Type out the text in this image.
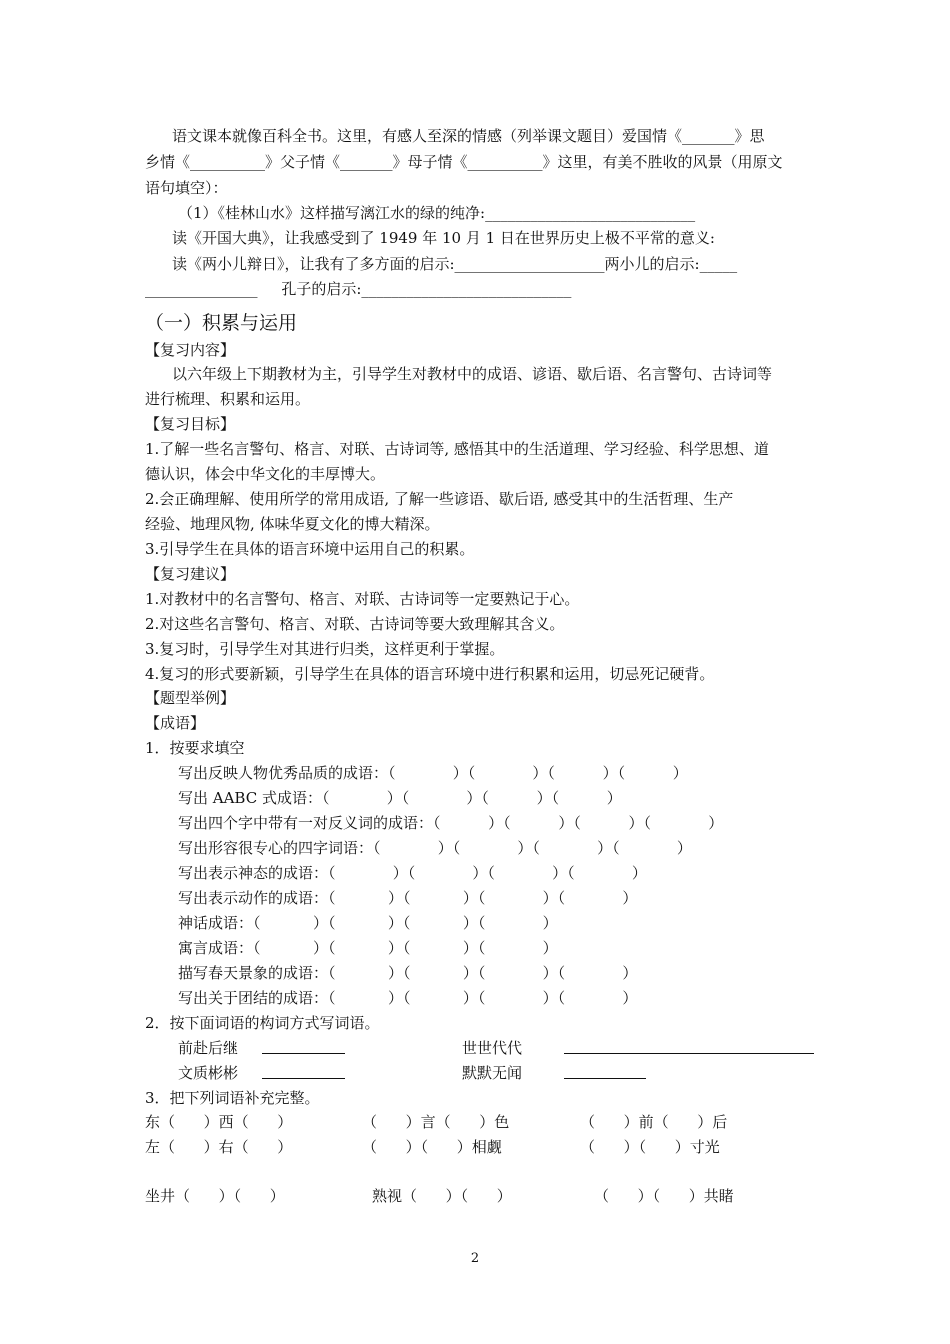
语文课本就像百科全书。这里，有感人至深的情感（列举课文题目）爱国情《_______》思
乡情《__________》父子情《_______》母子情《__________》这里，有美不胜收的风景（用原文
语句填空）：
（1）《桂林山水》这样描写漓江水的绿的纯净:____________________________
读《开国大典》，让我感受到了 1949 年 10 月 1 日在世界历史上极不平常的意义:
读《两小儿辩日》，让我有了多方面的启示:____________________两小儿的启示:_____
_______________     孔子的启示:____________________________
（一）积累与运用
【复习内容】
以六年级上下期教材为主，引导学生对教材中的成语、谚语、歇后语、名言警句、古诗词等
进行梳理、积累和运用。
【复习目标】
1.了解一些名言警句、格言、对联、古诗词等, 感悟其中的生活道理、学习经验、科学思想、道
德认识，体会中华文化的丰厚博大。
2.会正确理解、使用所学的常用成语, 了解一些谚语、歇后语, 感受其中的生活哲理、生产
经验、地理风物, 体味华夏文化的博大精深。
3.引导学生在具体的语言环境中运用自己的积累。
【复习建议】
1.对教材中的名言警句、格言、对联、古诗词等一定要熟记于心。
2.对这些名言警句、格言、对联、古诗词等要大致理解其含义。
3.复习时，引导学生对其进行归类，这样更利于掌握。
4.复习的形式要新颖，引导学生在具体的语言环境中进行积累和运用，切忌死记硬背。
【题型举例】
【成语】
1．按要求填空
写出反映人物优秀品质的成语：（            ）（            ）（          ）（          ）
写出 AABC 式成语：（            ）（            ）（          ）（          ）
写出四个字中带有一对反义词的成语：（          ）（          ）（          ）（            ）
写出形容很专心的四字词语：（            ）（            ）（            ）（            ）
写出表示神态的成语：（            ）（            ）（            ）（            ）
写出表示动作的成语：（           ）（           ）（            ）（            ）
神话成语：（           ）（           ）（           ）（            ）
寓言成语：（           ）（           ）（           ）（            ）
描写春天景象的成语：（           ）（           ）（            ）（            ）
写出关于团结的成语：（           ）（           ）（            ）（            ）
2．按下面词语的构词方式写词语。
前赴后继	世世代代
文质彬彬	默默无闻
3．把下列词语补充完整。
东（      ）西（      ）	（      ）言（      ）色	（      ）前（      ）后
左（      ）右（      ）	（      ）（      ）相觑	（      ）（      ）寸光
坐井（      ）（      ）	熟视（      ）（      ）	（      ）（      ）共睹
2
